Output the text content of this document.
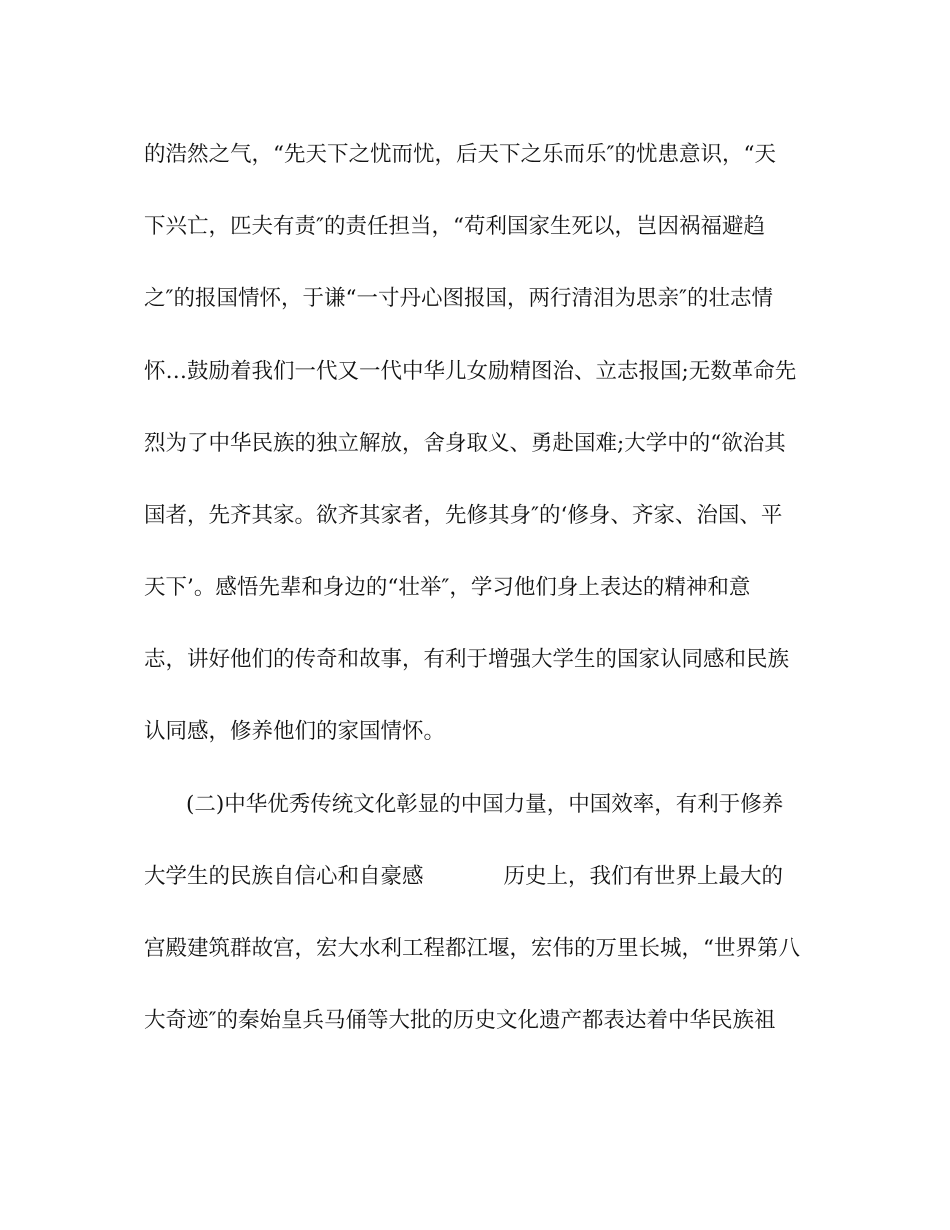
的浩然之气，“先天下之忧而忧，后天下之乐而乐″的忧患意识，“天
下兴亡，匹夫有责″的责任担当，“苟利国家生死以，岂因祸福避趋
之″的报国情怀，于谦“一寸丹心图报国，两行清泪为思亲″的壮志情
怀…鼓励着我们一代又一代中华儿女励精图治、立志报国;无数革命先
烈为了中华民族的独立解放，舍身取义、勇赴国难;大学中的“欲治其
国者，先齐其家。欲齐其家者，先修其身″的‘修身、齐家、治国、平
天下’。感悟先辈和身边的“壮举″，学习他们身上表达的精神和意
志，讲好他们的传奇和故事，有利于增强大学生的国家认同感和民族
认同感，修养他们的家国情怀。
(二)中华优秀传统文化彰显的中国力量，中国效率，有利于修养
大学生的民族自信心和自豪感	历史上，我们有世界上最大的
宫殿建筑群故宫，宏大水利工程都江堰，宏伟的万里长城，“世界第八
大奇迹″的秦始皇兵马俑等大批的历史文化遗产都表达着中华民族祖
